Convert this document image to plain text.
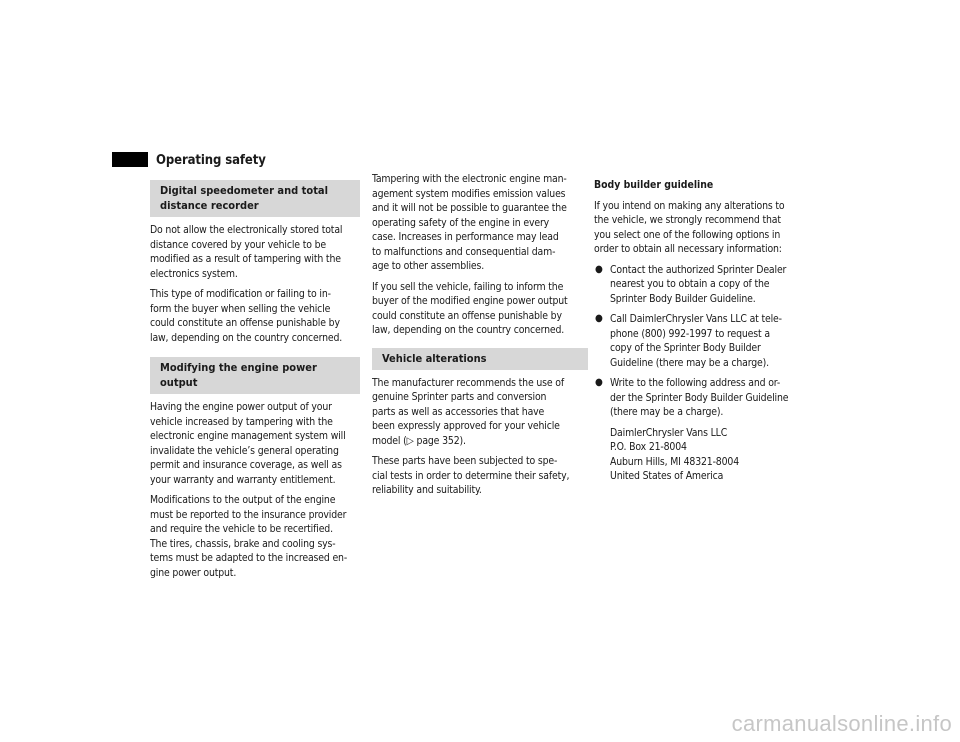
Operating safety
Digital speedometer and total
distance recorder

Do not allow the electronically stored total
distance covered by your vehicle to be
modified as a result of tampering with the
electronics system.

This type of modification or failing to in-
form the buyer when selling the vehicle
could constitute an offense punishable by
law, depending on the country concerned.

Modifying the engine power output

Having the engine power output of your
vehicle increased by tampering with the
electronic engine management system will
invalidate the vehicle’s general operating
permit and insurance coverage, as well as
your warranty and warranty entitlement.

Modifications to the output of the engine
must be reported to the insurance provider
and require the vehicle to be recertified.
The tires, chassis, brake and cooling sys-
tems must be adapted to the increased en-
gine power output.

Tampering with the electronic engine man-
agement system modifies emission values
and it will not be possible to guarantee the
operating safety of the engine in every
case. Increases in performance may lead
to malfunctions and consequential dam-
age to other assemblies.

If you sell the vehicle, failing to inform the
buyer of the modified engine power output
could constitute an offense punishable by
law, depending on the country concerned.

Vehicle alterations

The manufacturer recommends the use of
genuine Sprinter parts and conversion
parts as well as accessories that have
been expressly approved for your vehicle
model (▷ page 352).

These parts have been subjected to spe-
cial tests in order to determine their safety,
reliability and suitability.

Body builder guideline

If you intend on making any alterations to
the vehicle, we strongly recommend that
you select one of the following options in
order to obtain all necessary information:

● Contact the authorized Sprinter Dealer
nearest you to obtain a copy of the
Sprinter Body Builder Guideline.

● Call DaimlerChrysler Vans LLC at tele-
phone (800) 992-1997 to request a
copy of the Sprinter Body Builder
Guideline (there may be a charge).

● Write to the following address and or-
der the Sprinter Body Builder Guideline
(there may be a charge).

DaimlerChrysler Vans LLC
P.O. Box 21-8004
Auburn Hills, MI 48321-8004
United States of America

carmanualsonline.info
